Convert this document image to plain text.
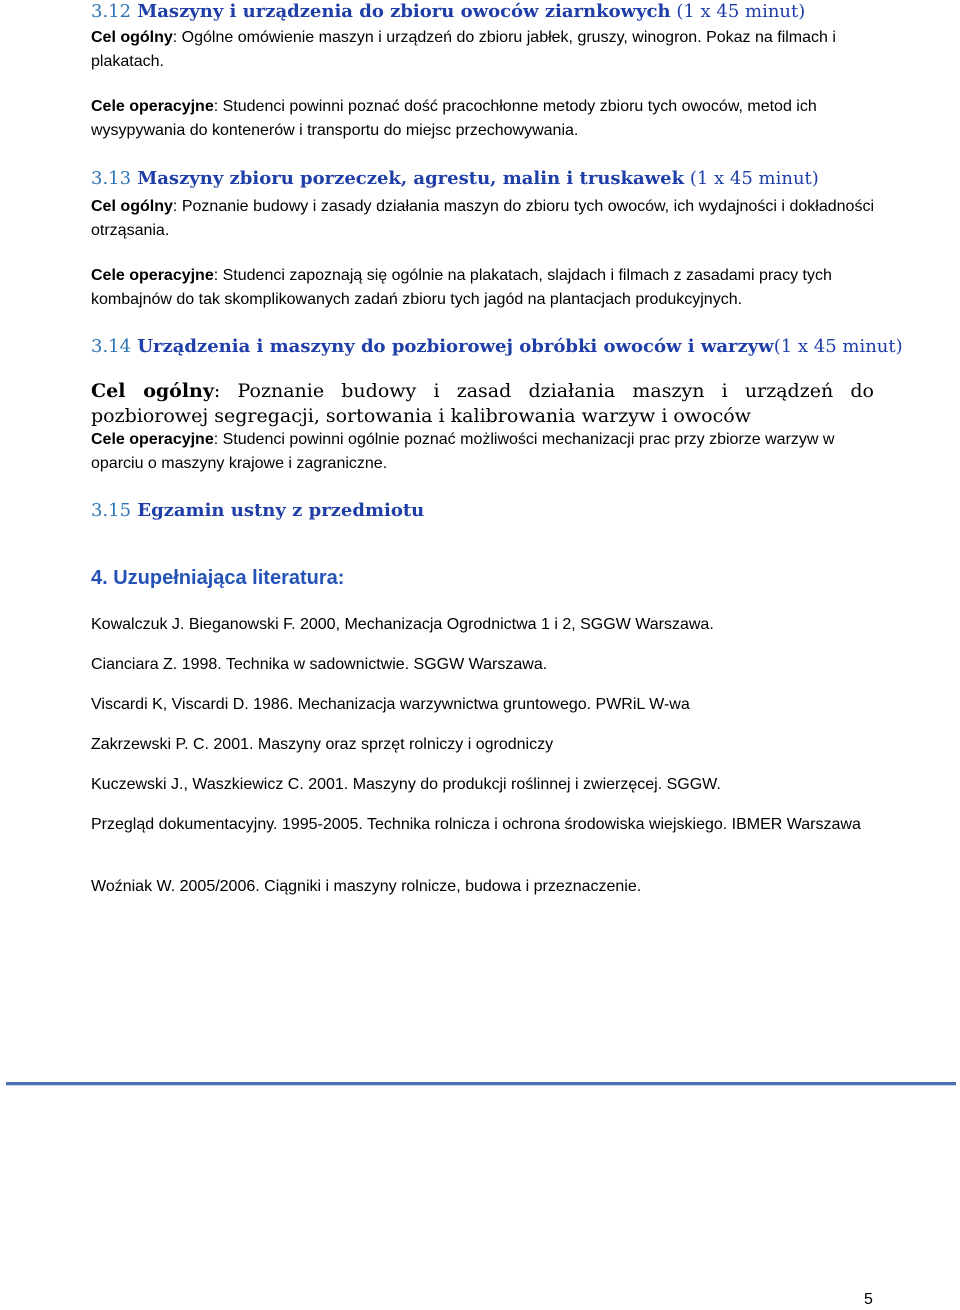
3.12 Maszyny i urządzenia do zbioru owoców ziarnkowych (1 x 45 minut)
Cel ogólny: Ogólne omówienie maszyn i urządzeń do zbioru jabłek, gruszy, winogron. Pokaz na filmach i plakatach.
Cele operacyjne: Studenci powinni poznać dość pracochłonne metody zbioru tych owoców, metod ich wysypywania do kontenerów i transportu do miejsc przechowywania.
3.13 Maszyny zbioru porzeczek, agrestu, malin i truskawek (1 x 45 minut)
Cel ogólny: Poznanie budowy i zasady działania maszyn do zbioru tych owoców, ich wydajności i dokładności otrząsania.
Cele operacyjne: Studenci zapoznają się ogólnie na plakatach, slajdach i filmach z zasadami pracy tych kombajnów do tak skomplikowanych zadań zbioru tych jagód na plantacjach produkcyjnych.
3.14 Urządzenia i maszyny do pozbiorowej obróbki owoców i warzyw(1 x 45 minut)
Cel ogólny: Poznanie budowy i zasad działania maszyn i urządzeń do pozbiorowej segregacji, sortowania i kalibrowania warzyw i owoców
Cele operacyjne: Studenci powinni ogólnie poznać możliwości mechanizacji prac przy zbiorze warzyw w oparciu o maszyny krajowe i zagraniczne.
3.15 Egzamin ustny z przedmiotu
4. Uzupełniająca literatura:
Kowalczuk J. Bieganowski F. 2000, Mechanizacja Ogrodnictwa 1 i 2, SGGW Warszawa.
Cianciara Z. 1998. Technika w sadownictwie. SGGW Warszawa.
Viscardi K, Viscardi D. 1986. Mechanizacja warzywnictwa gruntowego. PWRiL W-wa
Zakrzewski P. C. 2001. Maszyny oraz sprzęt rolniczy i ogrodniczy
Kuczewski J., Waszkiewicz C. 2001. Maszyny do produkcji roślinnej i zwierzęcej. SGGW.
Przegląd dokumentacyjny. 1995-2005. Technika rolnicza i ochrona środowiska wiejskiego. IBMER Warszawa
Woźniak W. 2005/2006. Ciągniki i maszyny rolnicze, budowa i przeznaczenie.
5
